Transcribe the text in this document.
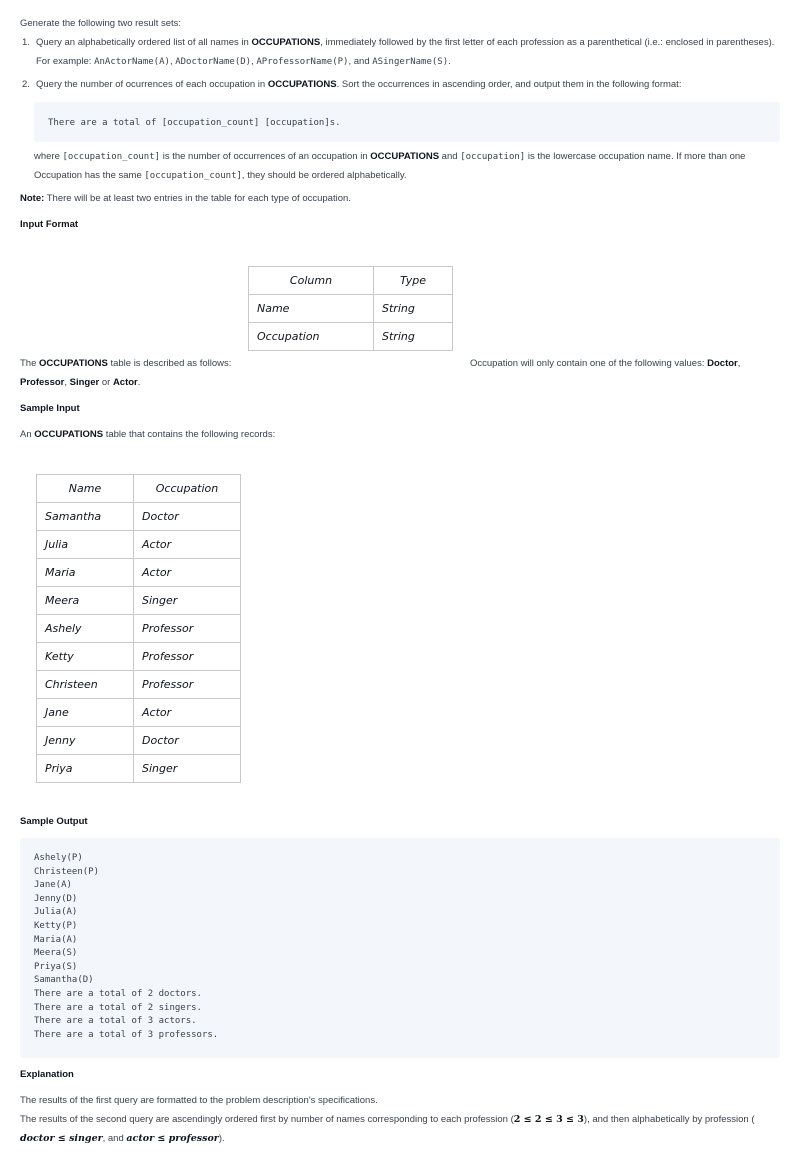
Generate the following two result sets:

1. Query an alphabetically ordered list of all names in OCCUPATIONS, immediately followed by the first letter of each profession as a parenthetical (i.e.: enclosed in parentheses).

For example: AnActorName(A), ADoctorName(D), AProfessorName(P), and ASingerName(S).

2. Query the number of ocurrences of each occupation in OCCUPATIONS. Sort the occurrences in ascending order, and output them in the following format:

There are a total of [occupation_count] [occupation]s.

where [occupation_count] is the number of occurrences of an occupation in OCCUPATIONS and [occupation] is the lowercase occupation name. If more than one

Occupation has the same [occupation_count], they should be ordered alphabetically.

Note: There will be at least two entries in the table for each type of occupation.

Input Format

Column	Type
Name	String
Occupation	String

The OCCUPATIONS table is described as follows:	Occupation will only contain one of the following values: Doctor,

Professor, Singer or Actor.

Sample Input

An OCCUPATIONS table that contains the following records:

Name	Occupation
Samantha	Doctor
Julia	Actor
Maria	Actor
Meera	Singer
Ashely	Professor
Ketty	Professor
Christeen	Professor
Jane	Actor
Jenny	Doctor
Priya	Singer

Sample Output

Ashely(P)
Christeen(P)
Jane(A)
Jenny(D)
Julia(A)
Ketty(P)
Maria(A)
Meera(S)
Priya(S)
Samantha(D)
There are a total of 2 doctors.
There are a total of 2 singers.
There are a total of 3 actors.
There are a total of 3 professors.

Explanation

The results of the first query are formatted to the problem description's specifications.

The results of the second query are ascendingly ordered first by number of names corresponding to each profession (2 ≤ 2 ≤ 3 ≤ 3), and then alphabetically by profession (

doctor ≤ singer, and actor ≤ professor).
